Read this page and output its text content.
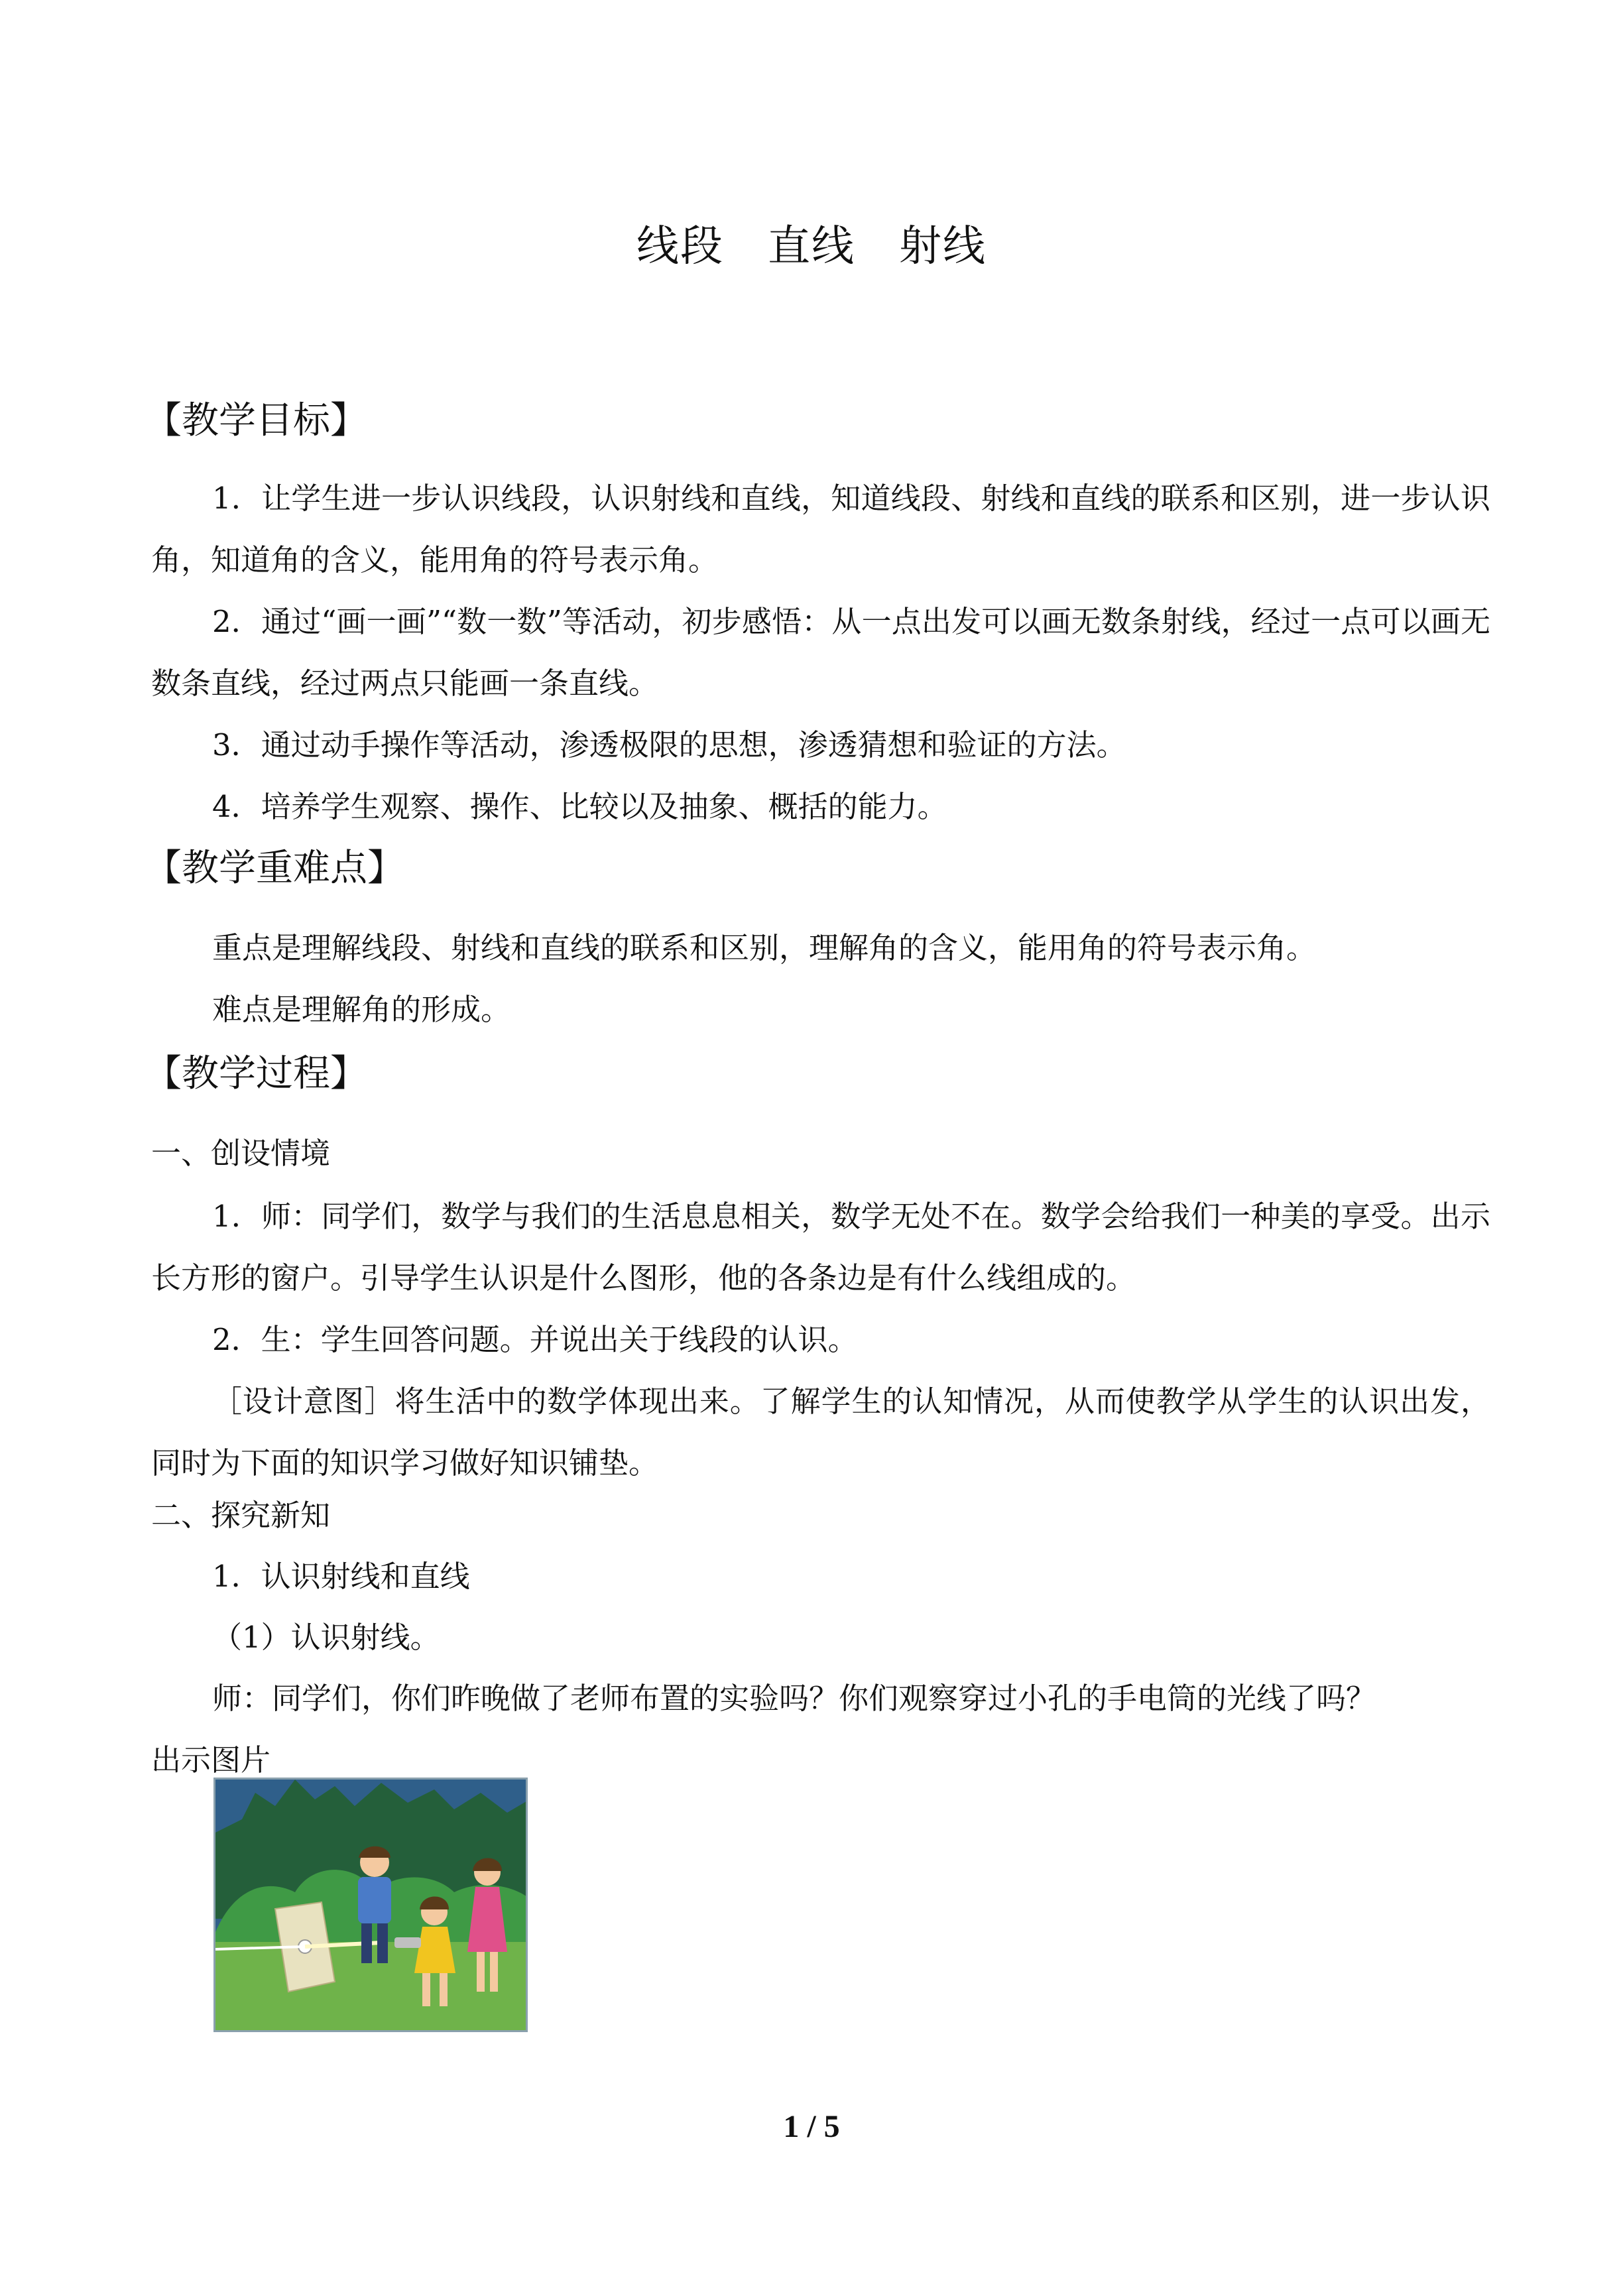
线段　直线　射线
【教学目标】

1．让学生进一步认识线段，认识射线和直线，知道线段、射线和直线的联系和区别，进一步认识角，知道角的含义，能用角的符号表示角。

2．通过“画一画”“数一数”等活动，初步感悟：从一点出发可以画无数条射线，经过一点可以画无数条直线，经过两点只能画一条直线。

3．通过动手操作等活动，渗透极限的思想，渗透猜想和验证的方法。

4．培养学生观察、操作、比较以及抽象、概括的能力。

【教学重难点】

重点是理解线段、射线和直线的联系和区别，理解角的含义，能用角的符号表示角。

难点是理解角的形成。

【教学过程】

一、创设情境

1．师：同学们，数学与我们的生活息息相关，数学无处不在。数学会给我们一种美的享受。出示长方形的窗户。引导学生认识是什么图形，他的各条边是有什么线组成的。

2．生：学生回答问题。并说出关于线段的认识。

［设计意图］将生活中的数学体现出来。了解学生的认知情况，从而使教学从学生的认识出发，同时为下面的知识学习做好知识铺垫。

二、探究新知

1．认识射线和直线

（1）认识射线。

师：同学们，你们昨晚做了老师布置的实验吗？你们观察穿过小孔的手电筒的光线了吗？

出示图片

1 / 5
